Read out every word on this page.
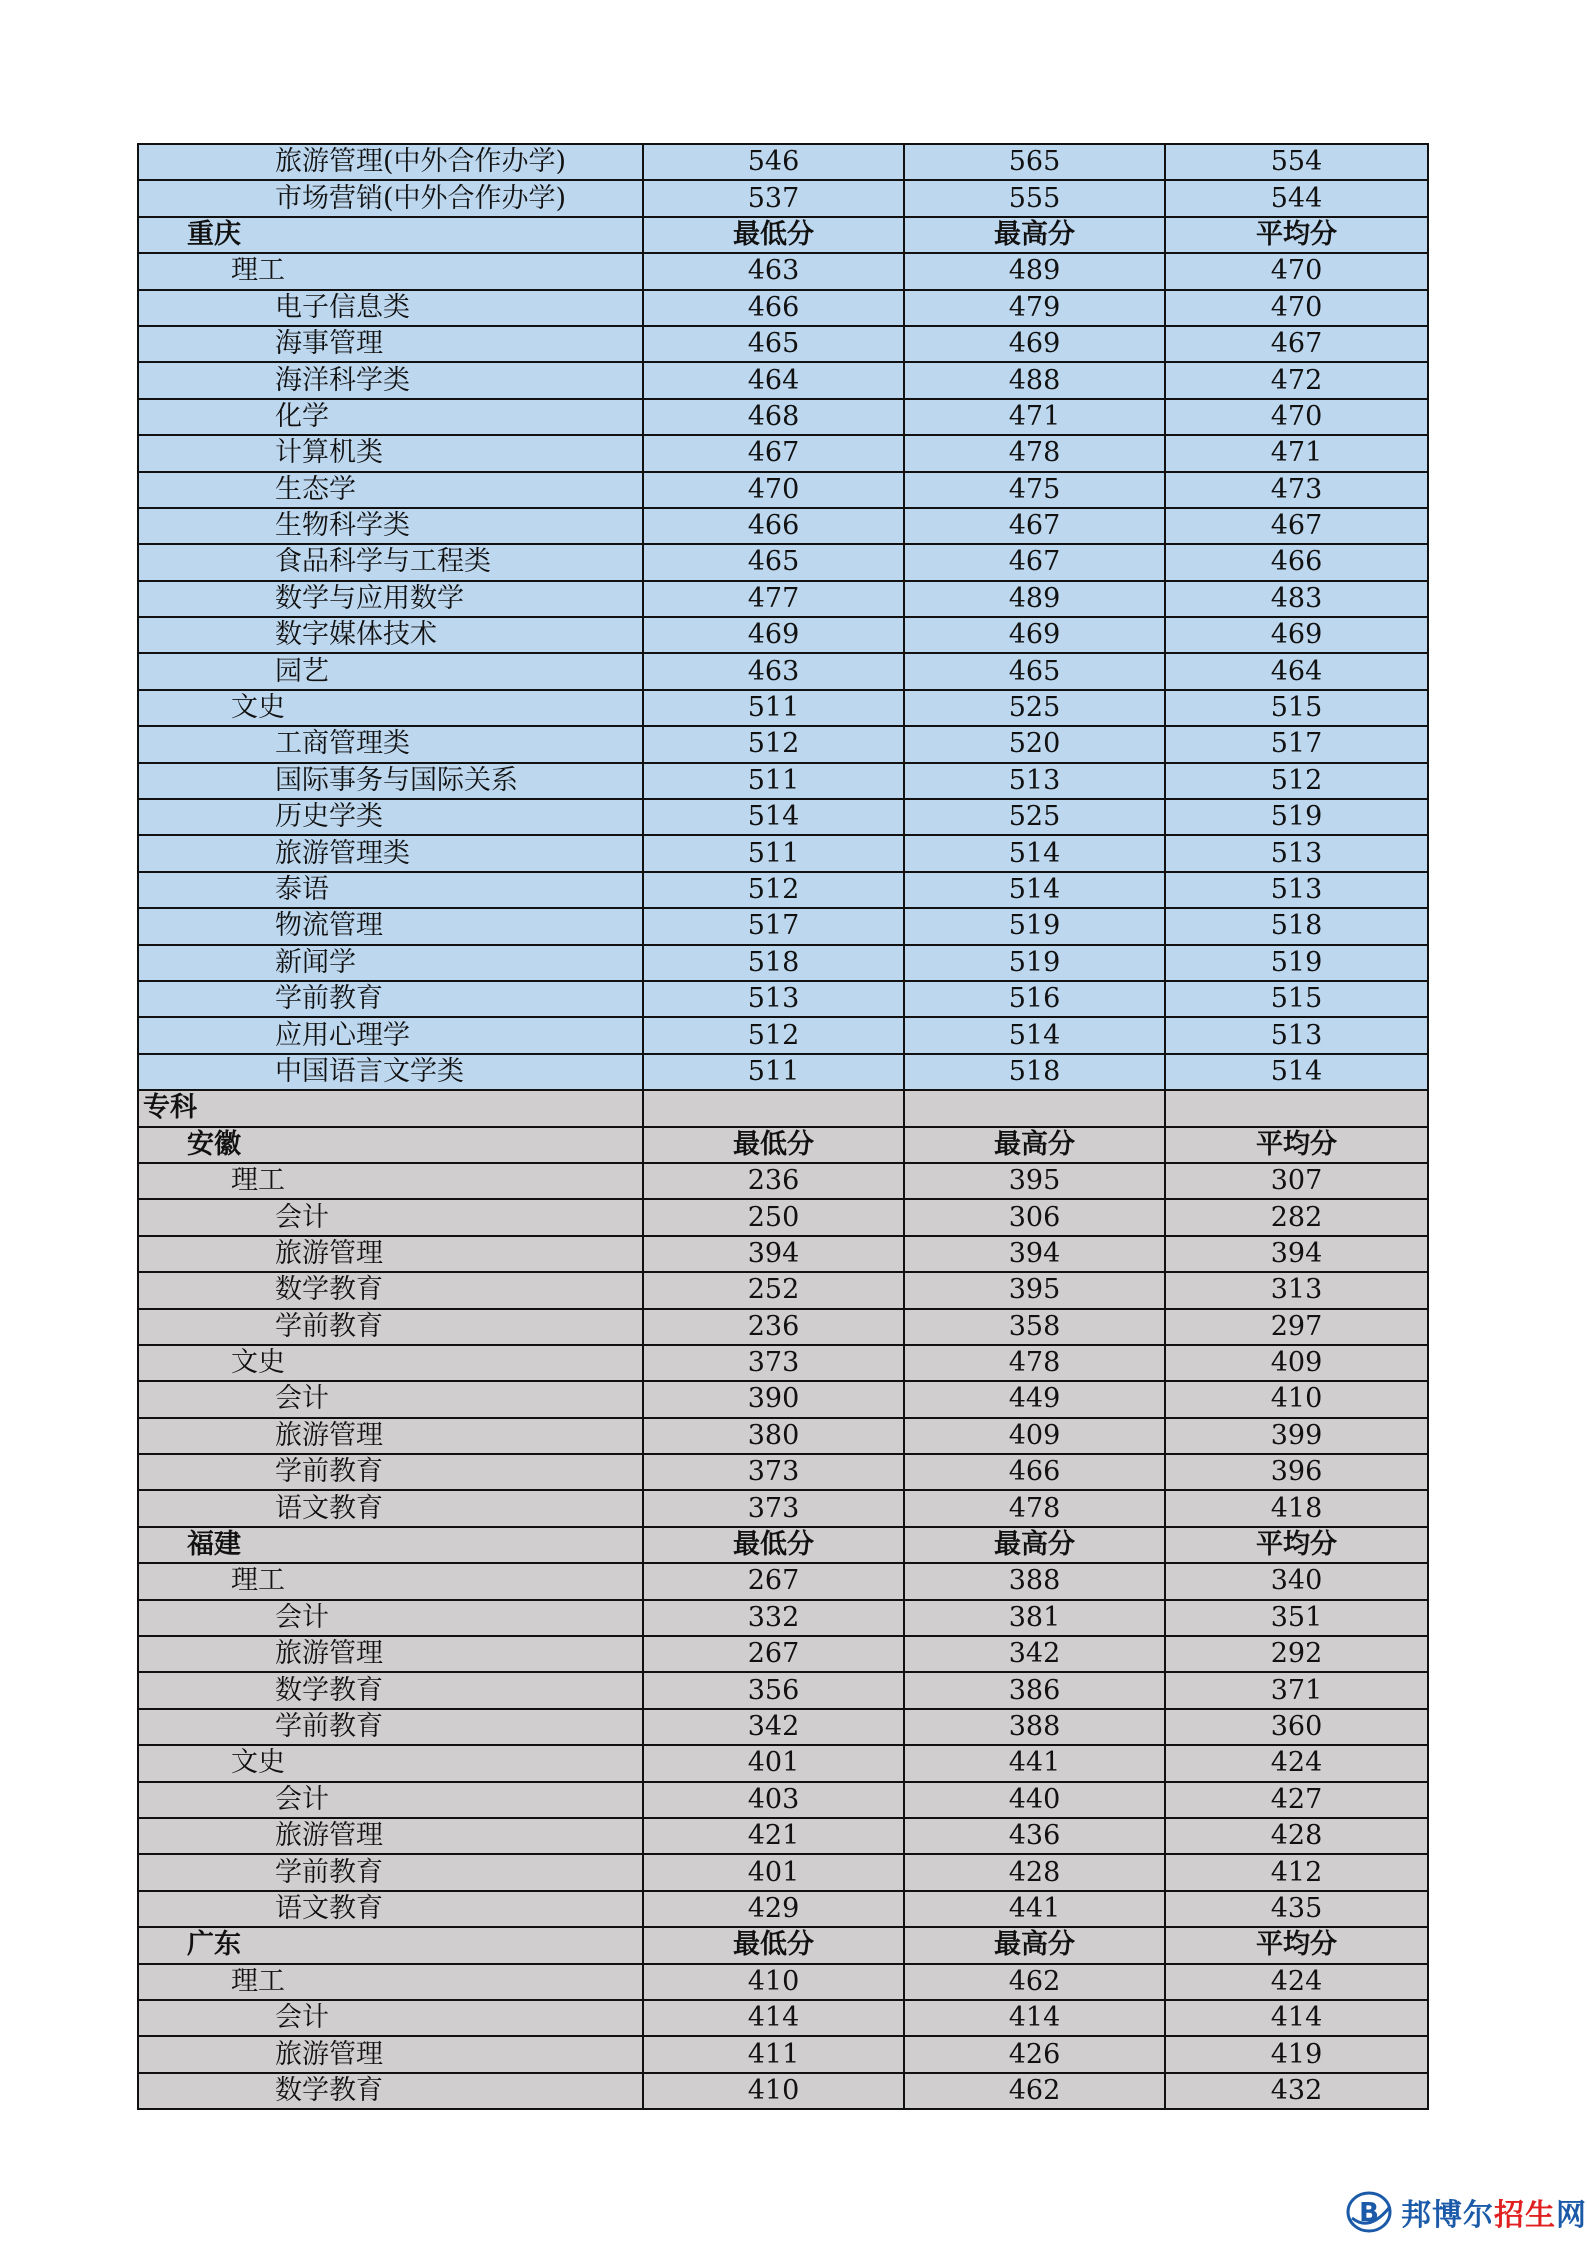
旅游管理(中外合作办学)	546	565	554
市场营销(中外合作办学)	537	555	544
重庆	最低分	最高分	平均分
理工	463	489	470
电子信息类	466	479	470
海事管理	465	469	467
海洋科学类	464	488	472
化学	468	471	470
计算机类	467	478	471
生态学	470	475	473
生物科学类	466	467	467
食品科学与工程类	465	467	466
数学与应用数学	477	489	483
数字媒体技术	469	469	469
园艺	463	465	464
文史	511	525	515
工商管理类	512	520	517
国际事务与国际关系	511	513	512
历史学类	514	525	519
旅游管理类	511	514	513
泰语	512	514	513
物流管理	517	519	518
新闻学	518	519	519
学前教育	513	516	515
应用心理学	512	514	513
中国语言文学类	511	518	514
专科			
安徽	最低分	最高分	平均分
理工	236	395	307
会计	250	306	282
旅游管理	394	394	394
数学教育	252	395	313
学前教育	236	358	297
文史	373	478	409
会计	390	449	410
旅游管理	380	409	399
学前教育	373	466	396
语文教育	373	478	418
福建	最低分	最高分	平均分
理工	267	388	340
会计	332	381	351
旅游管理	267	342	292
数学教育	356	386	371
学前教育	342	388	360
文史	401	441	424
会计	403	440	427
旅游管理	421	436	428
学前教育	401	428	412
语文教育	429	441	435
广东	最低分	最高分	平均分
理工	410	462	424
会计	414	414	414
旅游管理	411	426	419
数学教育	410	462	432
B 邦博尔招生网
